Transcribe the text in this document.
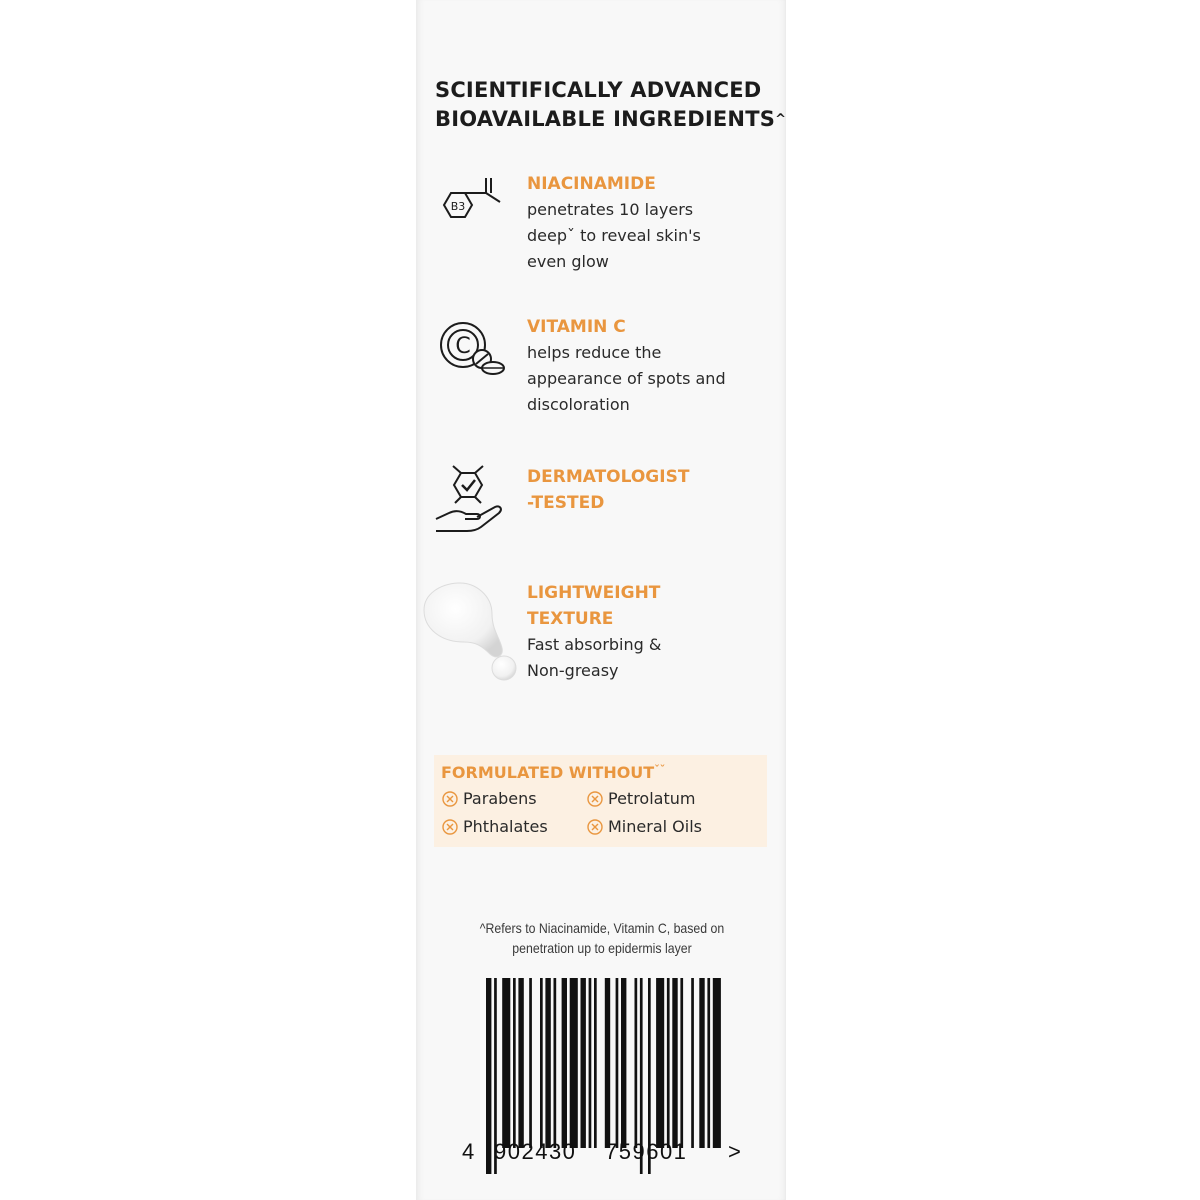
SCIENTIFICALLY ADVANCED
BIOAVAILABLE INGREDIENTS^
B3
NIACINAMIDE
penetrates 10 layers
deepˇ to reveal skin's
even glow
C
VITAMIN C
helps reduce the
appearance of spots and
discoloration
DERMATOLOGIST
-TESTED
LIGHTWEIGHT
TEXTURE
Fast absorbing &
Non-greasy
FORMULATED $WITHOUT^{ˇˇ}$
Parabens	Petrolatum
Phthalates	Mineral Oils
^Refers to Niacinamide, Vitamin C, based on
penetration up to epidermis layer
4 902430 759601 >
